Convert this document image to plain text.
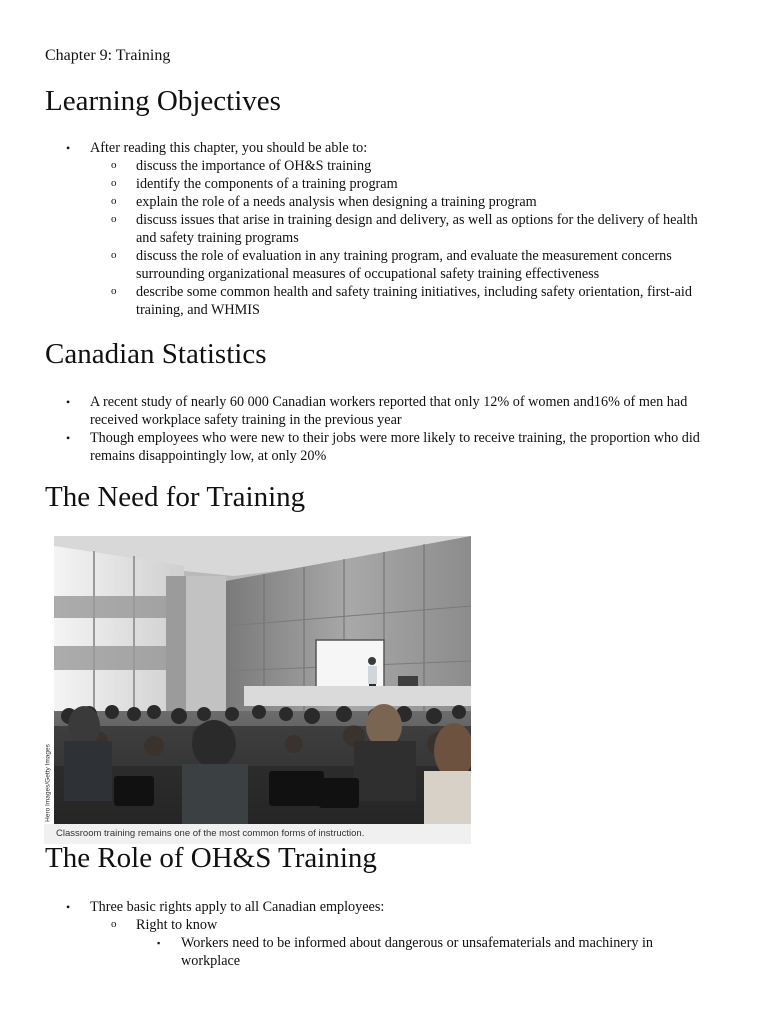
Chapter 9: Training
Learning Objectives
• After reading this chapter, you should be able to:
o discuss the importance of OH&S training
o identify the components of a training program
o explain the role of a needs analysis when designing a training program
o discuss issues that arise in training design and delivery, as well as options for the delivery of health and safety training programs
o discuss the role of evaluation in any training program, and evaluate the measurement concerns surrounding organizational measures of occupational safety training effectiveness
o describe some common health and safety training initiatives, including safety orientation, first-aid training, and WHMIS
Canadian Statistics
• A recent study of nearly 60 000 Canadian workers reported that only 12% of women and16% of men had received workplace safety training in the previous year
• Though employees who were new to their jobs were more likely to receive training, the proportion who did remains disappointingly low, at only 20%
The Need for Training
Hero Images/Getty Images
Classroom training remains one of the most common forms of instruction.
The Role of OH&S Training
• Three basic rights apply to all Canadian employees:
o Right to know
▪ Workers need to be informed about dangerous or unsafematerials and machinery in workplace
